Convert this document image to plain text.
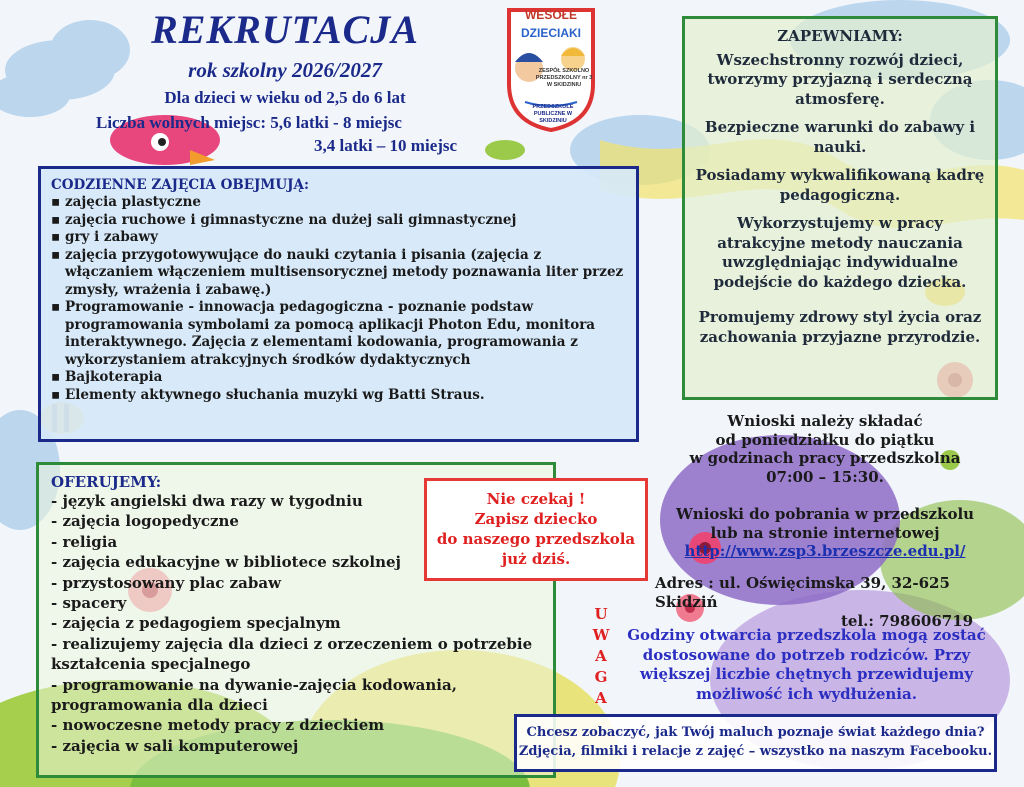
REKRUTACJA
rok szkolny 2026/2027
Dla dzieci w wieku od 2,5 do 6 lat
Liczba wolnych miejsc: 5,6 latki - 8 miejsc
3,4 latki – 10 miejsc
WESOŁE
DZIECIAKI
ZESPÓŁ SZKOLNO PRZEDSZKOLNY nr 3 W SKIDZINIU
PRZEDSZKOLE PUBLICZNE W SKIDZINIU
CODZIENNE ZAJĘCIA OBEJMUJĄ:
▪ zajęcia plastyczne
▪ zajęcia ruchowe i gimnastyczne na dużej sali gimnastycznej
▪ gry i zabawy
▪ zajęcia przygotowywujące do nauki czytania i pisania (zajęcia z włączaniem włączeniem multisensorycznej metody poznawania liter przez zmysły, wrażenia i zabawę.)
▪ Programowanie - innowacja pedagogiczna - poznanie podstaw programowania symbolami za pomocą aplikacji Photon Edu, monitora interaktywnego. Zajęcia z elementami kodowania, programowania z wykorzystaniem atrakcyjnych środków dydaktycznych
▪ Bajkoterapia
▪ Elementy aktywnego słuchania muzyki wg Batti Straus.
OFERUJEMY:
- język angielski dwa razy w tygodniu
- zajęcia logopedyczne
- religia
- zajęcia edukacyjne w bibliotece szkolnej
- przystosowany plac zabaw
- spacery
- zajęcia z pedagogiem specjalnym
- realizujemy zajęcia dla dzieci z orzeczeniem o potrzebie kształcenia specjalnego
- programowanie na dywanie-zajęcia kodowania, programowania dla dzieci
- nowoczesne metody pracy z dzieckiem
- zajęcia w sali komputerowej
Nie czekaj !
Zapisz dziecko
do naszego przedszkola
już dziś.
ZAPEWNIAMY:
Wszechstronny rozwój dzieci, tworzymy przyjazną i serdeczną atmosferę.
Bezpieczne warunki do zabawy i nauki.
Posiadamy wykwalifikowaną kadrę pedagogiczną.
Wykorzystujemy w pracy atrakcyjne metody nauczania uwzględniając indywidualne podejście do każdego dziecka.
Promujemy zdrowy styl życia oraz zachowania przyjazne przyrodzie.
Wnioski należy składać
od poniedziałku do piątku
w godzinach pracy przedszkolna
07:00 – 15:30.
Wnioski do pobrania w przedszkolu
lub na stronie internetowej
http://www.zsp3.brzeszcze.edu.pl/
Adres : ul. Oświęcimska 39, 32-625 Skidziń
tel.: 798606719
U
W
A
G
A
Godziny otwarcia przedszkola mogą zostać dostosowane do potrzeb rodziców. Przy większej liczbie chętnych przewidujemy możliwość ich wydłużenia.
Chcesz zobaczyć, jak Twój maluch poznaje świat każdego dnia?
Zdjęcia, filmiki i relacje z zajęć – wszystko na naszym Facebooku.
